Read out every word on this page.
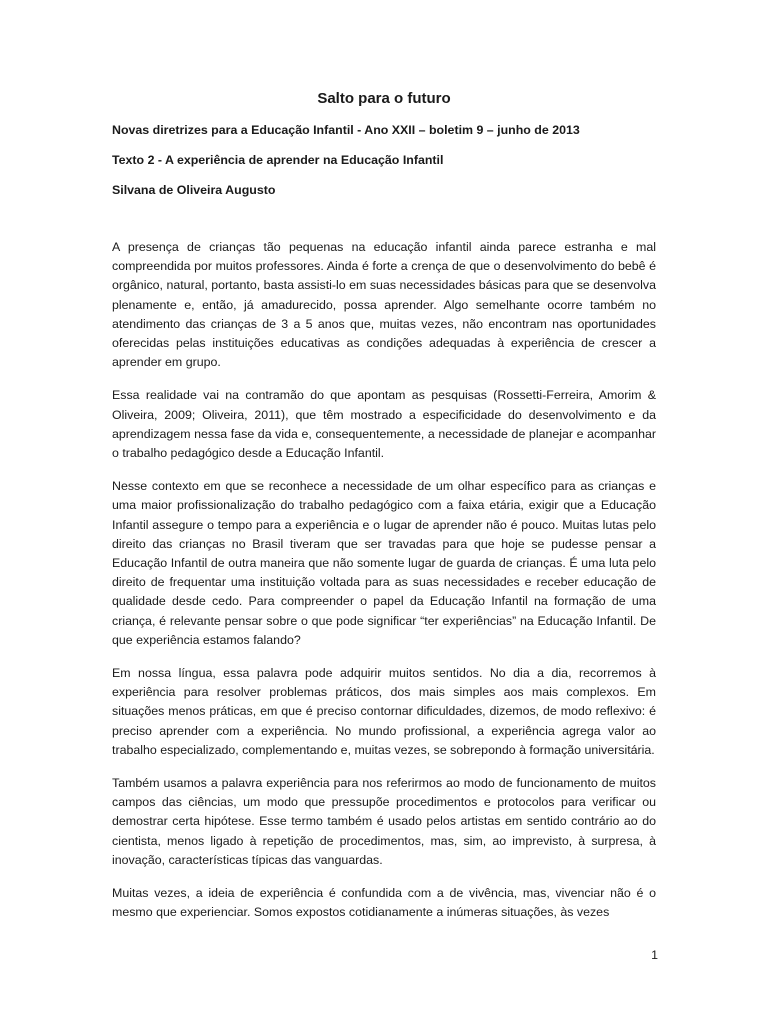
Salto para o futuro
Novas diretrizes para a Educação Infantil - Ano XXII – boletim 9 – junho de 2013
Texto 2 - A experiência de aprender na Educação Infantil
Silvana de Oliveira Augusto

A presença de crianças tão pequenas na educação infantil ainda parece estranha e mal compreendida por muitos professores. Ainda é forte a crença de que o desenvolvimento do bebê é orgânico, natural, portanto, basta assisti-lo em suas necessidades básicas para que se desenvolva plenamente e, então, já amadurecido, possa aprender. Algo semelhante ocorre também no atendimento das crianças de 3 a 5 anos que, muitas vezes, não encontram nas oportunidades oferecidas pelas instituições educativas as condições adequadas à experiência de crescer a aprender em grupo.

Essa realidade vai na contramão do que apontam as pesquisas (Rossetti-Ferreira, Amorim & Oliveira, 2009; Oliveira, 2011), que têm mostrado a especificidade do desenvolvimento e da aprendizagem nessa fase da vida e, consequentemente, a necessidade de planejar e acompanhar o trabalho pedagógico desde a Educação Infantil.

Nesse contexto em que se reconhece a necessidade de um olhar específico para as crianças e uma maior profissionalização do trabalho pedagógico com a faixa etária, exigir que a Educação Infantil assegure o tempo para a experiência e o lugar de aprender não é pouco. Muitas lutas pelo direito das crianças no Brasil tiveram que ser travadas para que hoje se pudesse pensar a Educação Infantil de outra maneira que não somente lugar de guarda de crianças. É uma luta pelo direito de frequentar uma instituição voltada para as suas necessidades e receber educação de qualidade desde cedo. Para compreender o papel da Educação Infantil na formação de uma criança, é relevante pensar sobre o que pode significar “ter experiências” na Educação Infantil. De que experiência estamos falando?

Em nossa língua, essa palavra pode adquirir muitos sentidos. No dia a dia, recorremos à experiência para resolver problemas práticos, dos mais simples aos mais complexos. Em situações menos práticas, em que é preciso contornar dificuldades, dizemos, de modo reflexivo: é preciso aprender com a experiência. No mundo profissional, a experiência agrega valor ao trabalho especializado, complementando e, muitas vezes, se sobrepondo à formação universitária.

Também usamos a palavra experiência para nos referirmos ao modo de funcionamento de muitos campos das ciências, um modo que pressupõe procedimentos e protocolos para verificar ou demostrar certa hipótese. Esse termo também é usado pelos artistas em sentido contrário ao do cientista, menos ligado à repetição de procedimentos, mas, sim, ao imprevisto, à surpresa, à inovação, características típicas das vanguardas.

Muitas vezes, a ideia de experiência é confundida com a de vivência, mas, vivenciar não é o mesmo que experienciar. Somos expostos cotidianamente a inúmeras situações, às vezes

1
